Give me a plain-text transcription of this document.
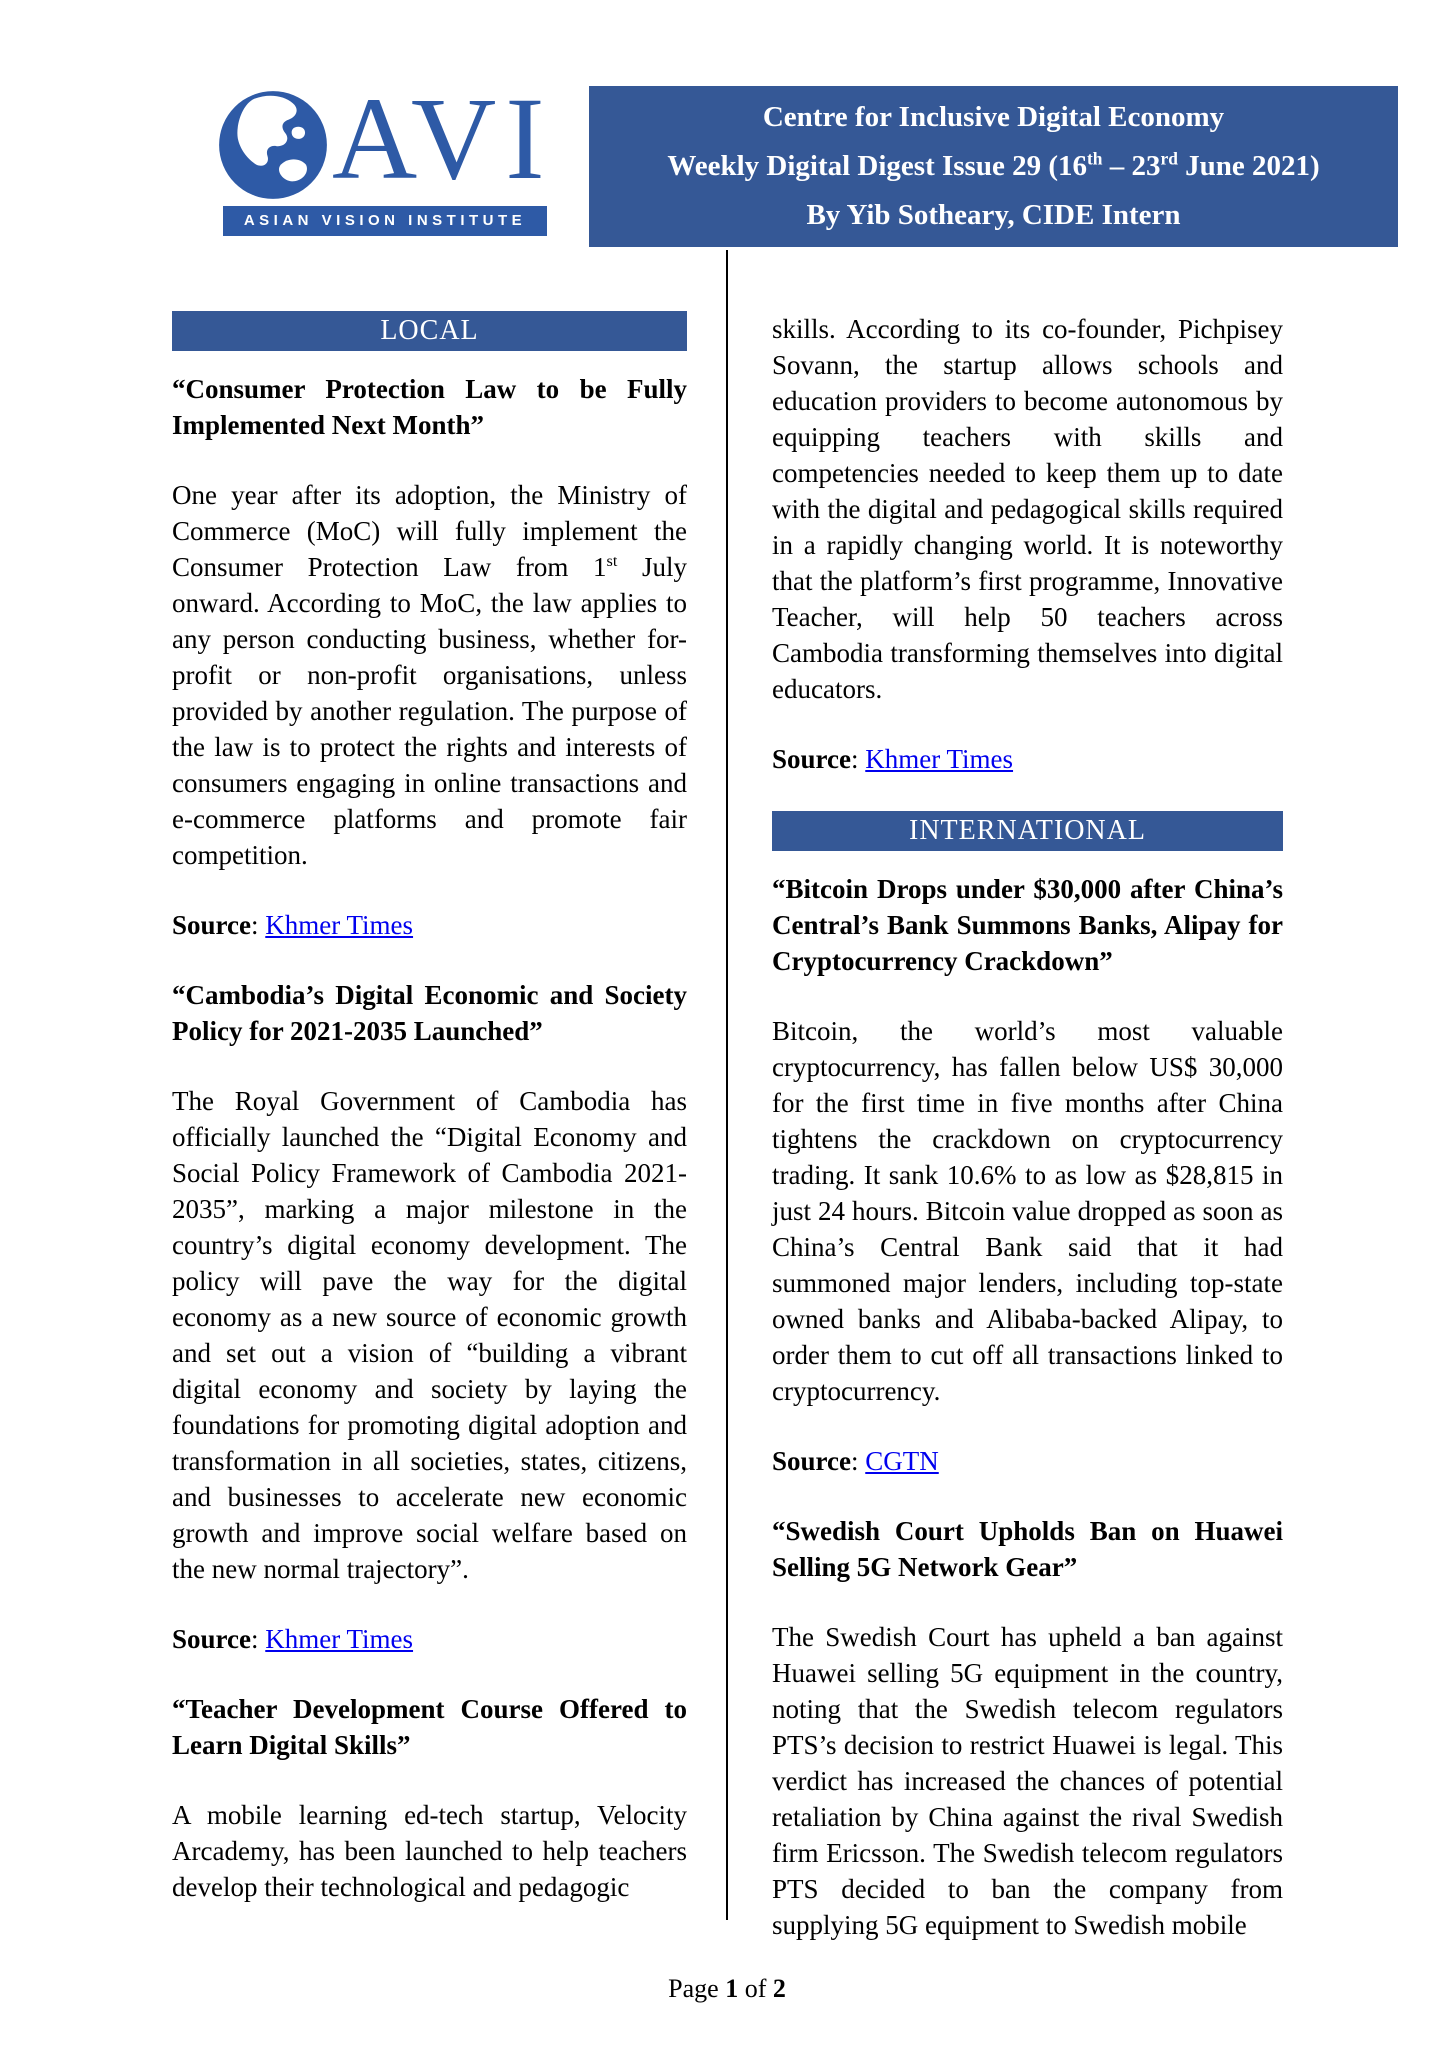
AVI
ASIAN VISION INSTITUTE
Centre for Inclusive Digital Economy
Weekly Digital Digest Issue 29 (16th – 23rd June 2021)
By Yib Sotheary, CIDE Intern
LOCAL

“Consumer Protection Law to be Fully Implemented Next Month”

One year after its adoption, the Ministry of Commerce (MoC) will fully implement the Consumer Protection Law from 1st July onward. According to MoC, the law applies to any person conducting business, whether for-profit or non-profit organisations, unless provided by another regulation. The purpose of the law is to protect the rights and interests of consumers engaging in online transactions and e-commerce platforms and promote fair competition.

Source: Khmer Times

“Cambodia’s Digital Economic and Society Policy for 2021-2035 Launched”

The Royal Government of Cambodia has officially launched the “Digital Economy and Social Policy Framework of Cambodia 2021-2035”, marking a major milestone in the country’s digital economy development. The policy will pave the way for the digital economy as a new source of economic growth and set out a vision of “building a vibrant digital economy and society by laying the foundations for promoting digital adoption and transformation in all societies, states, citizens, and businesses to accelerate new economic growth and improve social welfare based on the new normal trajectory”.

Source: Khmer Times

“Teacher Development Course Offered to Learn Digital Skills”

A mobile learning ed-tech startup, Velocity Arcademy, has been launched to help teachers develop their technological and pedagogic

skills. According to its co-founder, Pichpisey Sovann, the startup allows schools and education providers to become autonomous by equipping teachers with skills and competencies needed to keep them up to date with the digital and pedagogical skills required in a rapidly changing world. It is noteworthy that the platform’s first programme, Innovative Teacher, will help 50 teachers across Cambodia transforming themselves into digital educators.

Source: Khmer Times

INTERNATIONAL

“Bitcoin Drops under $30,000 after China’s Central’s Bank Summons Banks, Alipay for Cryptocurrency Crackdown”

Bitcoin, the world’s most valuable cryptocurrency, has fallen below US$ 30,000 for the first time in five months after China tightens the crackdown on cryptocurrency trading. It sank 10.6% to as low as $28,815 in just 24 hours. Bitcoin value dropped as soon as China’s Central Bank said that it had summoned major lenders, including top-state owned banks and Alibaba-backed Alipay, to order them to cut off all transactions linked to cryptocurrency.

Source: CGTN

“Swedish Court Upholds Ban on Huawei Selling 5G Network Gear”

The Swedish Court has upheld a ban against Huawei selling 5G equipment in the country, noting that the Swedish telecom regulators PTS’s decision to restrict Huawei is legal. This verdict has increased the chances of potential retaliation by China against the rival Swedish firm Ericsson. The Swedish telecom regulators PTS decided to ban the company from supplying 5G equipment to Swedish mobile

Page 1 of 2
